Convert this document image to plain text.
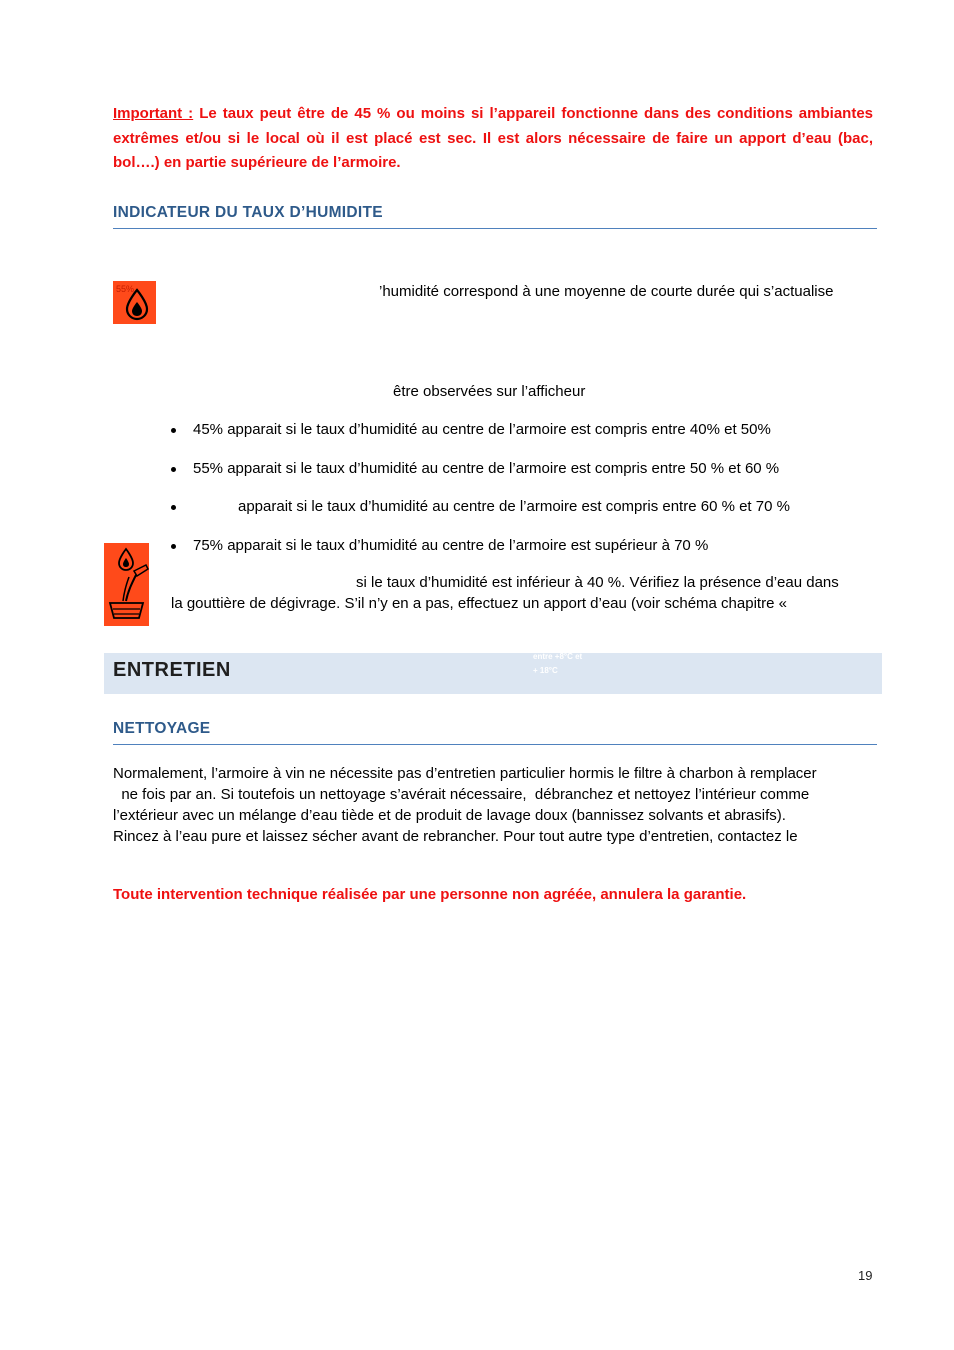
Important : Le taux peut être de 45 % ou moins si l’appareil fonctionne dans des conditions ambiantes extrêmes et/ou si le local où il est placé est sec. Il est alors nécessaire de faire un apport d’eau (bac, bol….) en partie supérieure de l’armoire.
INDICATEUR DU TAUX D’HUMIDITE
55%	’humidité correspond à une moyenne de courte durée qui s’actualise
être observées sur l’afficheur
45% apparait si le taux d’humidité au centre de l’armoire est compris entre 40% et 50%
55% apparait si le taux d’humidité au centre de l’armoire est compris entre 50 % et 60 %
apparait si le taux d’humidité au centre de l’armoire est compris entre 60 % et 70 %
75% apparait si le taux d’humidité au centre de l’armoire est supérieur à 70 %
si le taux d’humidité est inférieur à 40 %. Vérifiez la présence d’eau dans
la gouttière de dégivrage. S’il n’y en a pas, effectuez un apport d’eau (voir schéma chapitre «
ENTRETIEN
entre +8°C et
+ 18°C
NETTOYAGE
Normalement, l’armoire à vin ne nécessite pas d’entretien particulier hormis le filtre à charbon à remplacer
ne fois par an. Si toutefois un nettoyage s’avérait nécessaire,  débranchez et nettoyez l’intérieur comme
l’extérieur avec un mélange d’eau tiède et de produit de lavage doux (bannissez solvants et abrasifs).
Rincez à l’eau pure et laissez sécher avant de rebrancher. Pour tout autre type d’entretien, contactez le
Toute intervention technique réalisée par une personne non agréée, annulera la garantie.
19
